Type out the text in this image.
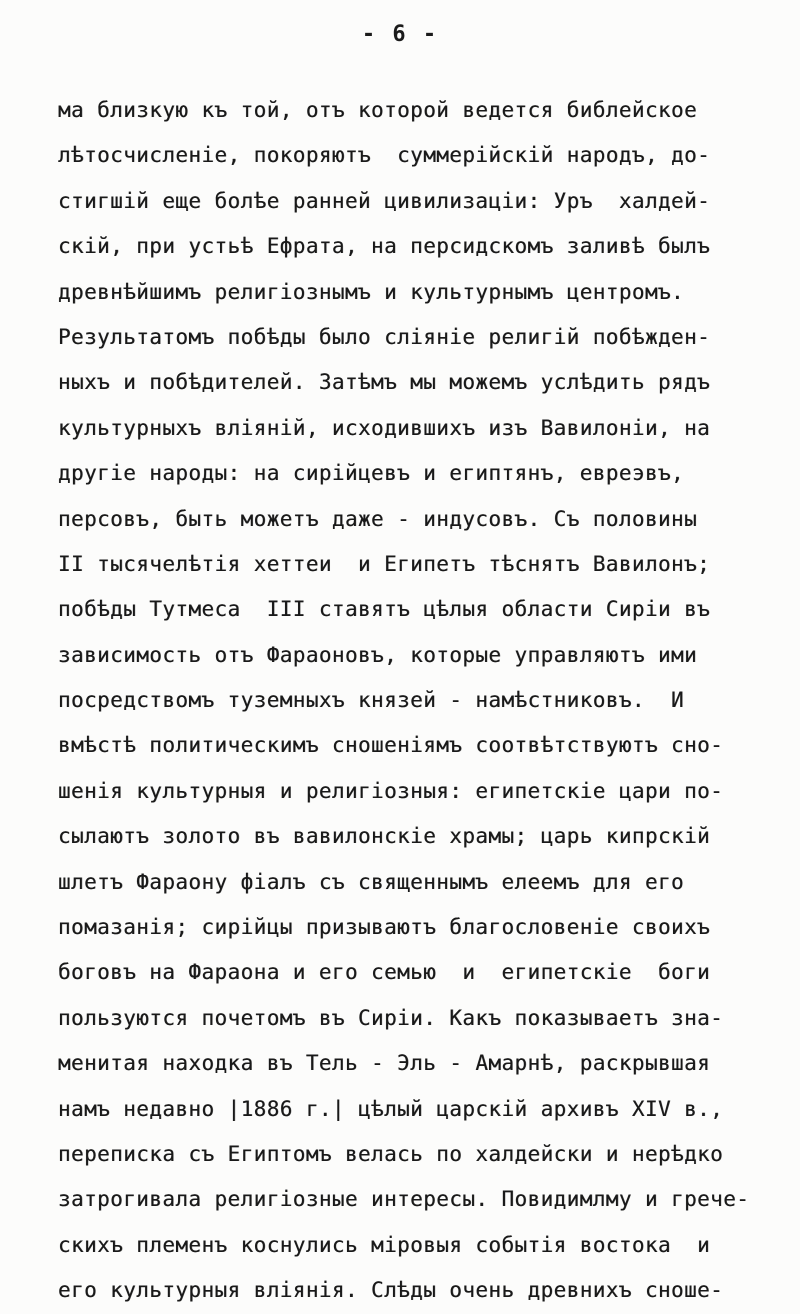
- 6 -
ма близкую къ той, отъ которой ведется библейское
лѣтосчисленіе, покоряютъ  суммерійскій народъ, до-
стигшій еще болѣе ранней цивилизаціи: Уръ  халдей-
скій, при устьѣ Ефрата, на персидскомъ заливѣ былъ
древнѣйшимъ религіознымъ и культурнымъ центромъ.
Результатомъ побѣды было сліяніе религій побѣжден-
ныхъ и побѣдителей. Затѣмъ мы можемъ услѣдить рядъ
культурныхъ вліяній, исходившихъ изъ Вавилоніи, на
другіе народы: на сирійцевъ и египтянъ, евреэвъ,
персовъ, быть можетъ даже - индусовъ. Съ половины
II тысячелѣтія хеттеи  и Египетъ тѣснятъ Вавилонъ;
побѣды Тутмеса  III ставятъ цѣлыя области Сиріи въ
зависимость отъ Фараоновъ, которые управляютъ ими
посредствомъ туземныхъ князей - намѣстниковъ.  И
вмѣстѣ политическимъ сношеніямъ соотвѣтствуютъ сно-
шенія культурныя и религіозныя: египетскіе цари по-
сылаютъ золото въ вавилонскіе храмы; царь кипрскій
шлетъ Фараону фіалъ съ священнымъ елеемъ для его
помазанія; сирійцы призываютъ благословеніе своихъ
боговъ на Фараона и его семью  и  египетскіе  боги
пользуются почетомъ въ Сиріи. Какъ показываетъ зна-
менитая находка въ Тель - Эль - Амарнѣ, раскрывшая
намъ недавно |1886 г.| цѣлый царскій архивъ XIV в.,
переписка съ Египтомъ велась по халдейски и нерѣдко
затрогивала религіозные интересы. Повидимлму и грече-
скихъ племенъ коснулись міровыя событія востока  и
его культурныя вліянія. Слѣды очень древнихъ сноше-
